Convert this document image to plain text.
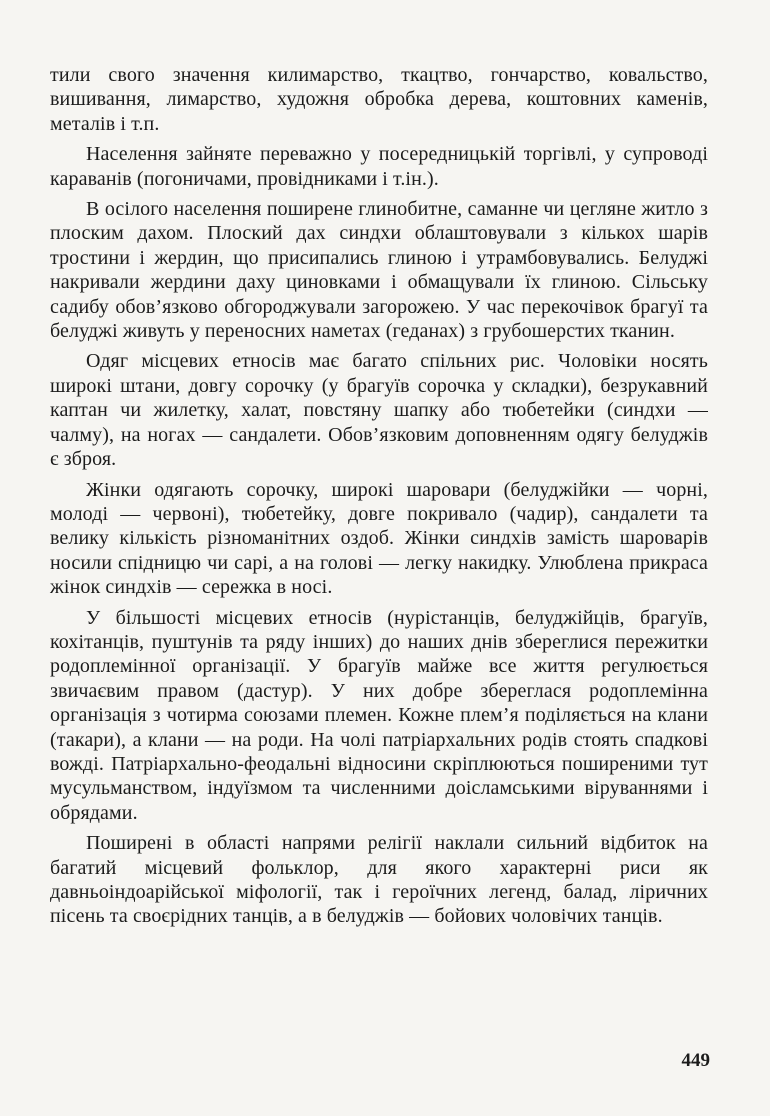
тили свого значення килимарство, ткацтво, гончарство, ковальство, вишивання, лимарство, художня обробка дерева, коштовних каменів, металів і т.п.

Населення зайняте переважно у посередницькій торгівлі, у супроводі караванів (погоничами, провідниками і т.ін.).

В осілого населення поширене глинобитне, саманне чи цегляне житло з плоским дахом. Плоский дах синдхи облаштовували з кількох шарів тростини і жердин, що присипались глиною і утрамбовувались. Белуджі накривали жердини даху циновками і обмащували їх глиною. Сільську садибу обов’язково обгороджували загорожею. У час перекочівок брагуї та белуджі живуть у переносних наметах (геданах) з грубошерстих тканин.

Одяг місцевих етносів має багато спільних рис. Чоловіки носять широкі штани, довгу сорочку (у брагуїв сорочка у складки), безрукавний каптан чи жилетку, халат, повстяну шапку або тюбетейки (синдхи — чалму), на ногах — сандалети. Обов’язковим доповненням одягу белуджів є зброя.

Жінки одягають сорочку, широкі шаровари (белуджійки — чорні, молоді — червоні), тюбетейку, довге покривало (чадир), сандалети та велику кількість різноманітних оздоб. Жінки синдхів замість шароварів носили спідницю чи сарі, а на голові — легку накидку. Улюблена прикраса жінок синдхів — сережка в носі.

У більшості місцевих етносів (нурістанців, белуджійців, брагуїв, кохітанців, пуштунів та ряду інших) до наших днів збереглися пережитки родоплемінної організації. У брагуїв майже все життя регулюється звичаєвим правом (дастур). У них добре збереглася родоплемінна організація з чотирма союзами племен. Кожне плем’я поділяється на клани (такари), а клани — на роди. На чолі патріархальних родів стоять спадкові вожді. Патріархально-феодальні відносини скріплюються поширеними тут мусульманством, індуїзмом та численними доісламськими віруваннями і обрядами.

Поширені в області напрями релігії наклали сильний відбиток на багатий місцевий фольклор, для якого характерні риси як давньоіндоарійської міфології, так і героїчних легенд, балад, ліричних пісень та своєрідних танців, а в белуджів — бойових чоловічих танців.

449
